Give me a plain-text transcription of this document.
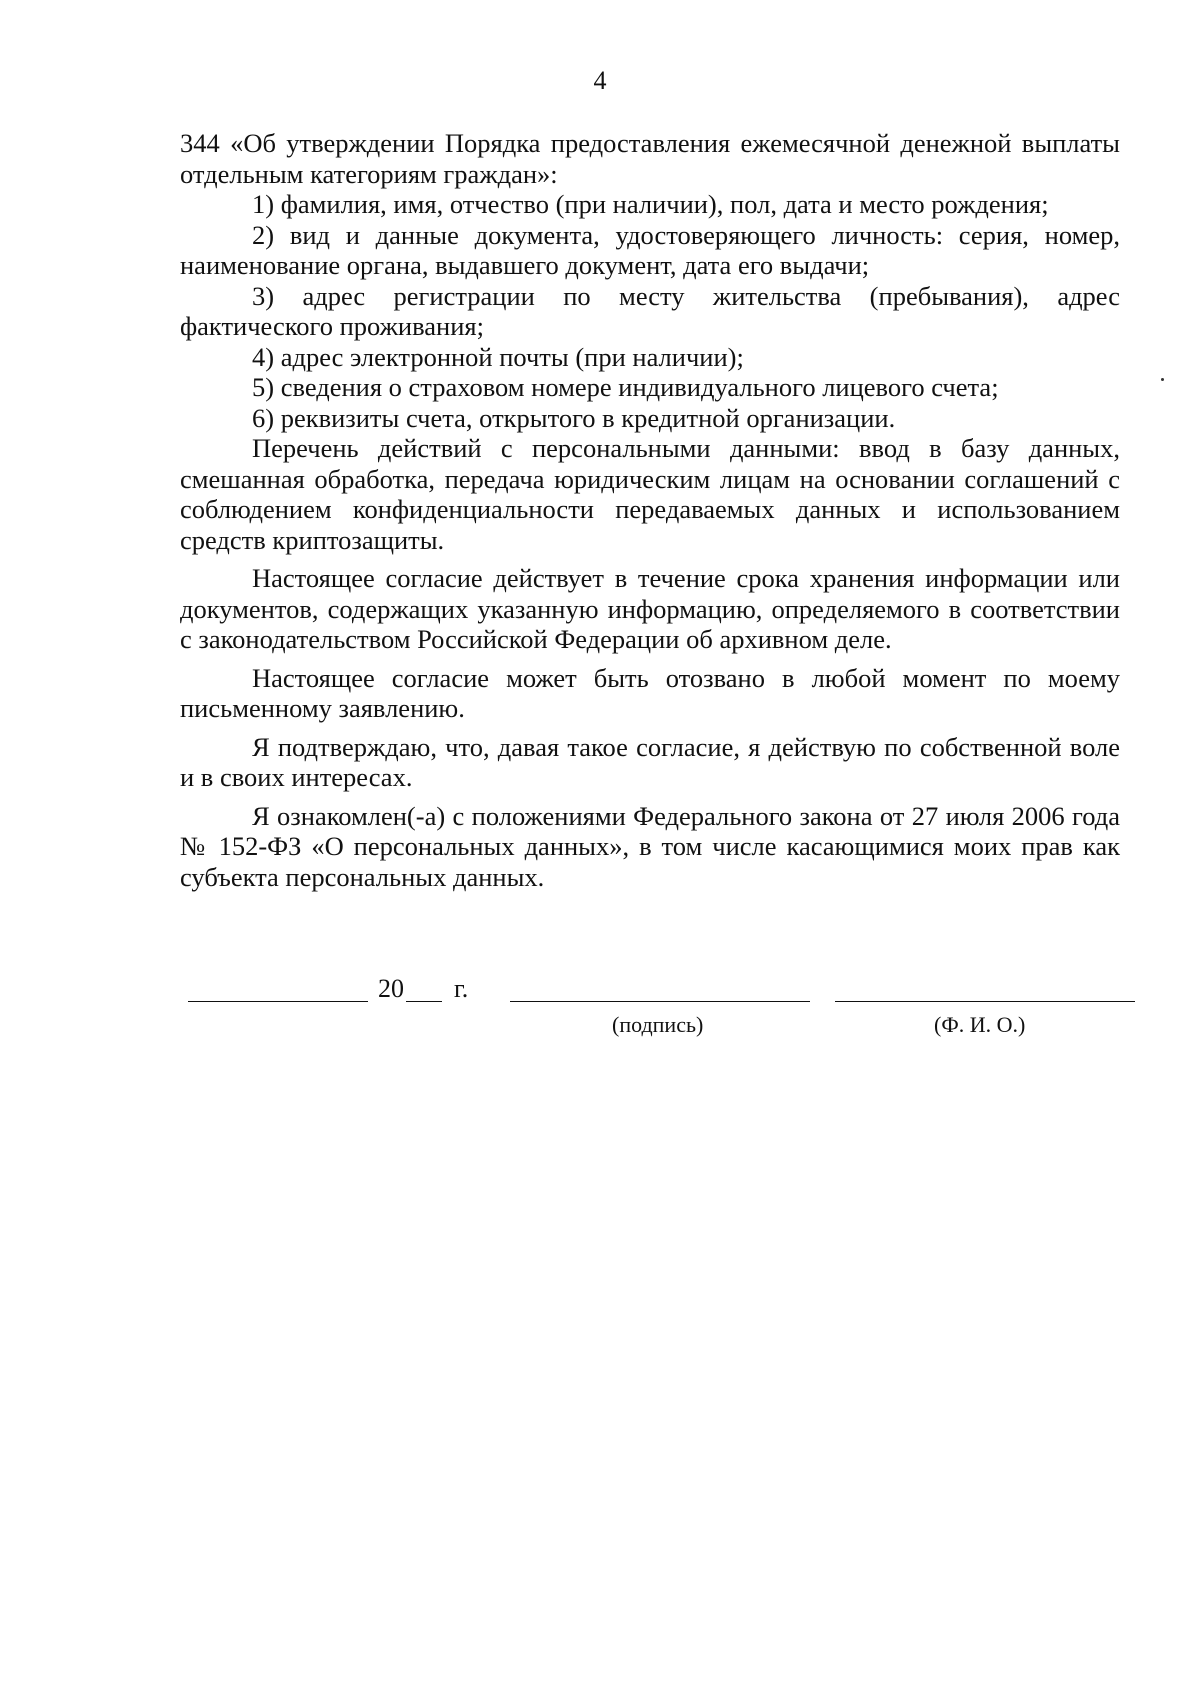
4

344 «Об утверждении Порядка предоставления ежемесячной денежной выплаты отдельным категориям граждан»:

1) фамилия, имя, отчество (при наличии), пол, дата и место рождения;

2) вид и данные документа, удостоверяющего личность: серия, номер, наименование органа, выдавшего документ, дата его выдачи;

3) адрес регистрации по месту жительства (пребывания), адрес фактического проживания;

4) адрес электронной почты (при наличии);

5) сведения о страховом номере индивидуального лицевого счета;

6) реквизиты счета, открытого в кредитной организации.

Перечень действий с персональными данными: ввод в базу данных, смешанная обработка, передача юридическим лицам на основании соглашений с соблюдением конфиденциальности передаваемых данных и использованием средств криптозащиты.

Настоящее согласие действует в течение срока хранения информации или документов, содержащих указанную информацию, определяемого в соответствии с законодательством Российской Федерации об архивном деле.

Настоящее согласие может быть отозвано в любой момент по моему письменному заявлению.

Я подтверждаю, что, давая такое согласие, я действую по собственной воле и в своих интересах.

Я ознакомлен(-а) с положениями Федерального закона от 27 июля 2006 года № 152-ФЗ «О персональных данных», в том числе касающимися моих прав как субъекта персональных данных.

20 г.
(подпись)	(Ф. И. О.)
